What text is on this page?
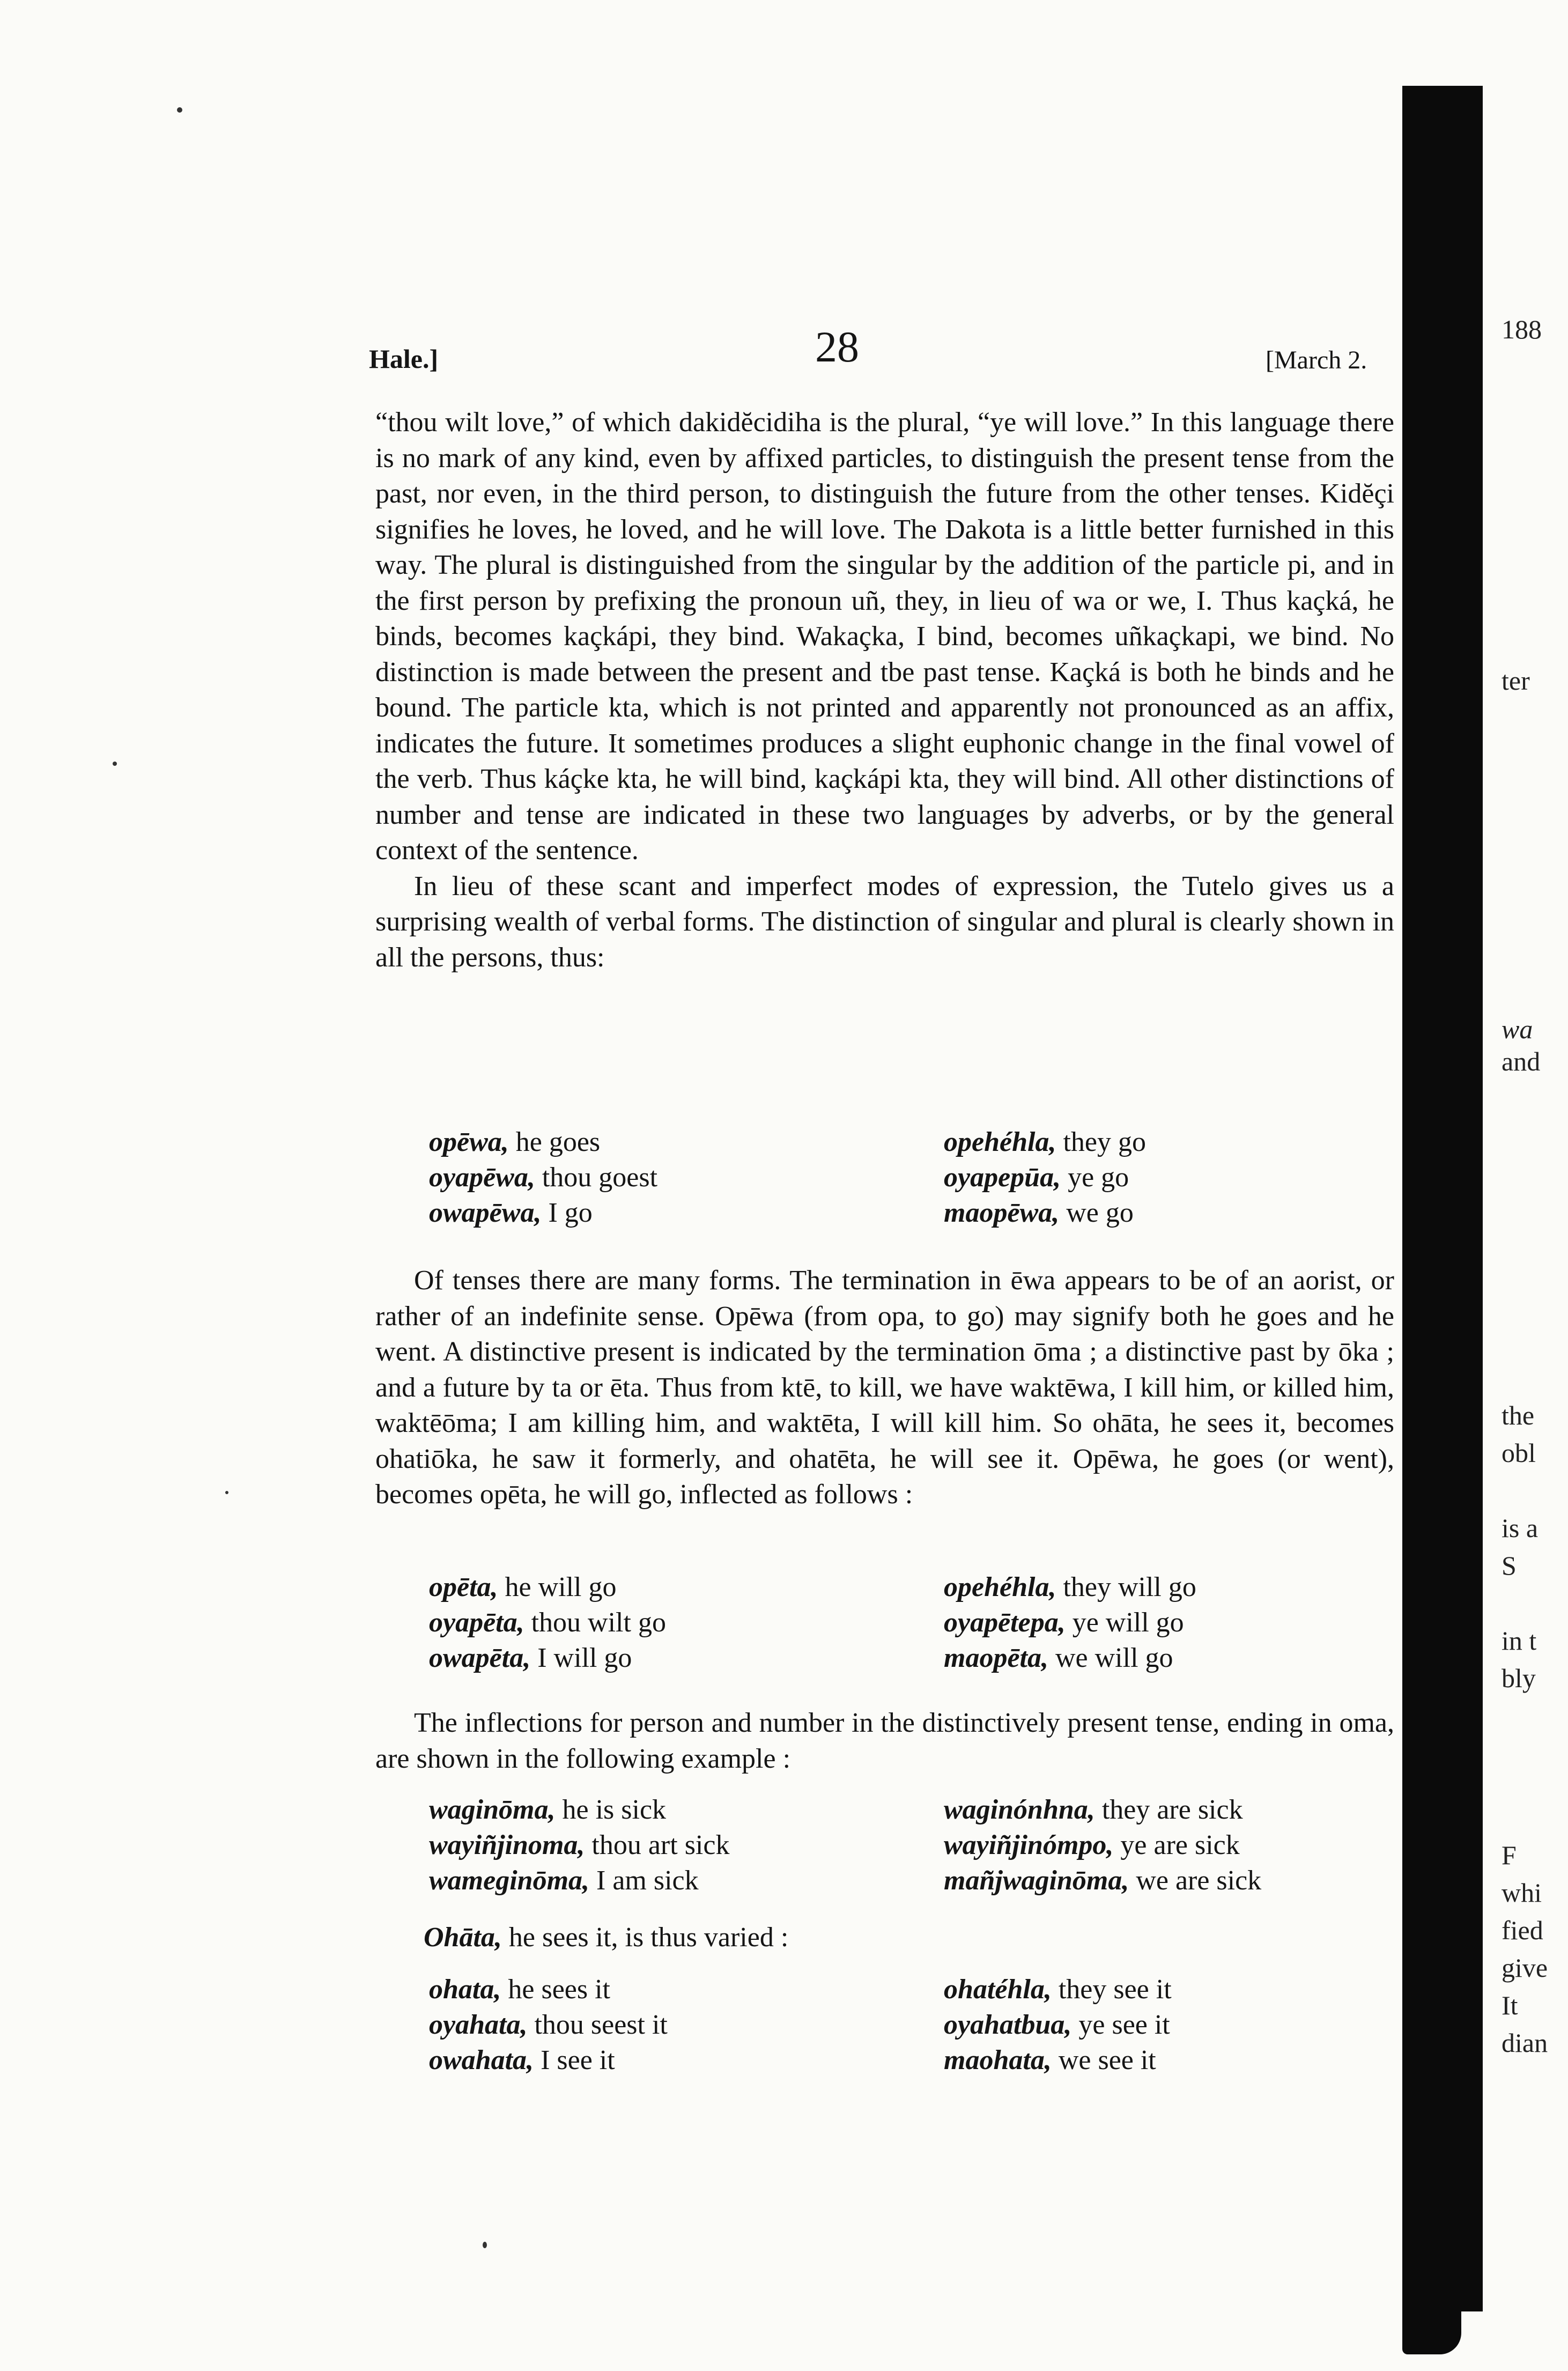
188
ter
wa
and
the
obl
is a
S
in t
bly
F
whi
fied
give
It
dian
Hale.]	28	[March 2.

“thou wilt love,” of which dakidĕcidiha is the plural, “ye will love.” In this language there is no mark of any kind, even by affixed particles, to distinguish the present tense from the past, nor even, in the third person, to distinguish the future from the other tenses. Kidĕçi signifies he loves, he loved, and he will love. The Dakota is a little better furnished in this way. The plural is distinguished from the singular by the addition of the particle pi, and in the first person by prefixing the pronoun uñ, they, in lieu of wa or we, I. Thus kaçká, he binds, becomes kaçkápi, they bind. Wakaçka, I bind, becomes uñkaçkapi, we bind. No distinction is made between the present and tbe past tense. Kaçká is both he binds and he bound. The particle kta, which is not printed and apparently not pronounced as an affix, indicates the future. It sometimes produces a slight euphonic change in the final vowel of the verb. Thus káçke kta, he will bind, kaçkápi kta, they will bind. All other distinctions of number and tense are indicated in these two languages by adverbs, or by the general context of the sentence.

In lieu of these scant and imperfect modes of expression, the Tutelo gives us a surprising wealth of verbal forms. The distinction of singular and plural is clearly shown in all the persons, thus:

opēwa, he goes	opehéhla, they go
oyapēwa, thou goest	oyapepūa, ye go
owapēwa, I go	maopēwa, we go

Of tenses there are many forms. The termination in ēwa appears to be of an aorist, or rather of an indefinite sense. Opēwa (from opa, to go) may signify both he goes and he went. A distinctive present is indicated by the termination ōma ; a distinctive past by ōka ; and a future by ta or ēta. Thus from ktē, to kill, we have waktēwa, I kill him, or killed him, waktēōma; I am killing him, and waktēta, I will kill him. So ohāta, he sees it, becomes ohatiōka, he saw it formerly, and ohatēta, he will see it. Opēwa, he goes (or went), becomes opēta, he will go, inflected as follows :

opēta, he will go	opehéhla, they will go
oyapēta, thou wilt go	oyapētepa, ye will go
owapēta, I will go	maopēta, we will go

The inflections for person and number in the distinctively present tense, ending in oma, are shown in the following example :

waginōma, he is sick	waginónhna, they are sick
wayiñjinoma, thou art sick	wayiñjinómpo, ye are sick
wameginōma, I am sick	mañjwaginōma, we are sick
Ohāta, he sees it, is thus varied :
ohata, he sees it	ohatéhla, they see it
oyahata, thou seest it	oyahatbua, ye see it
owahata, I see it	maohata, we see it
